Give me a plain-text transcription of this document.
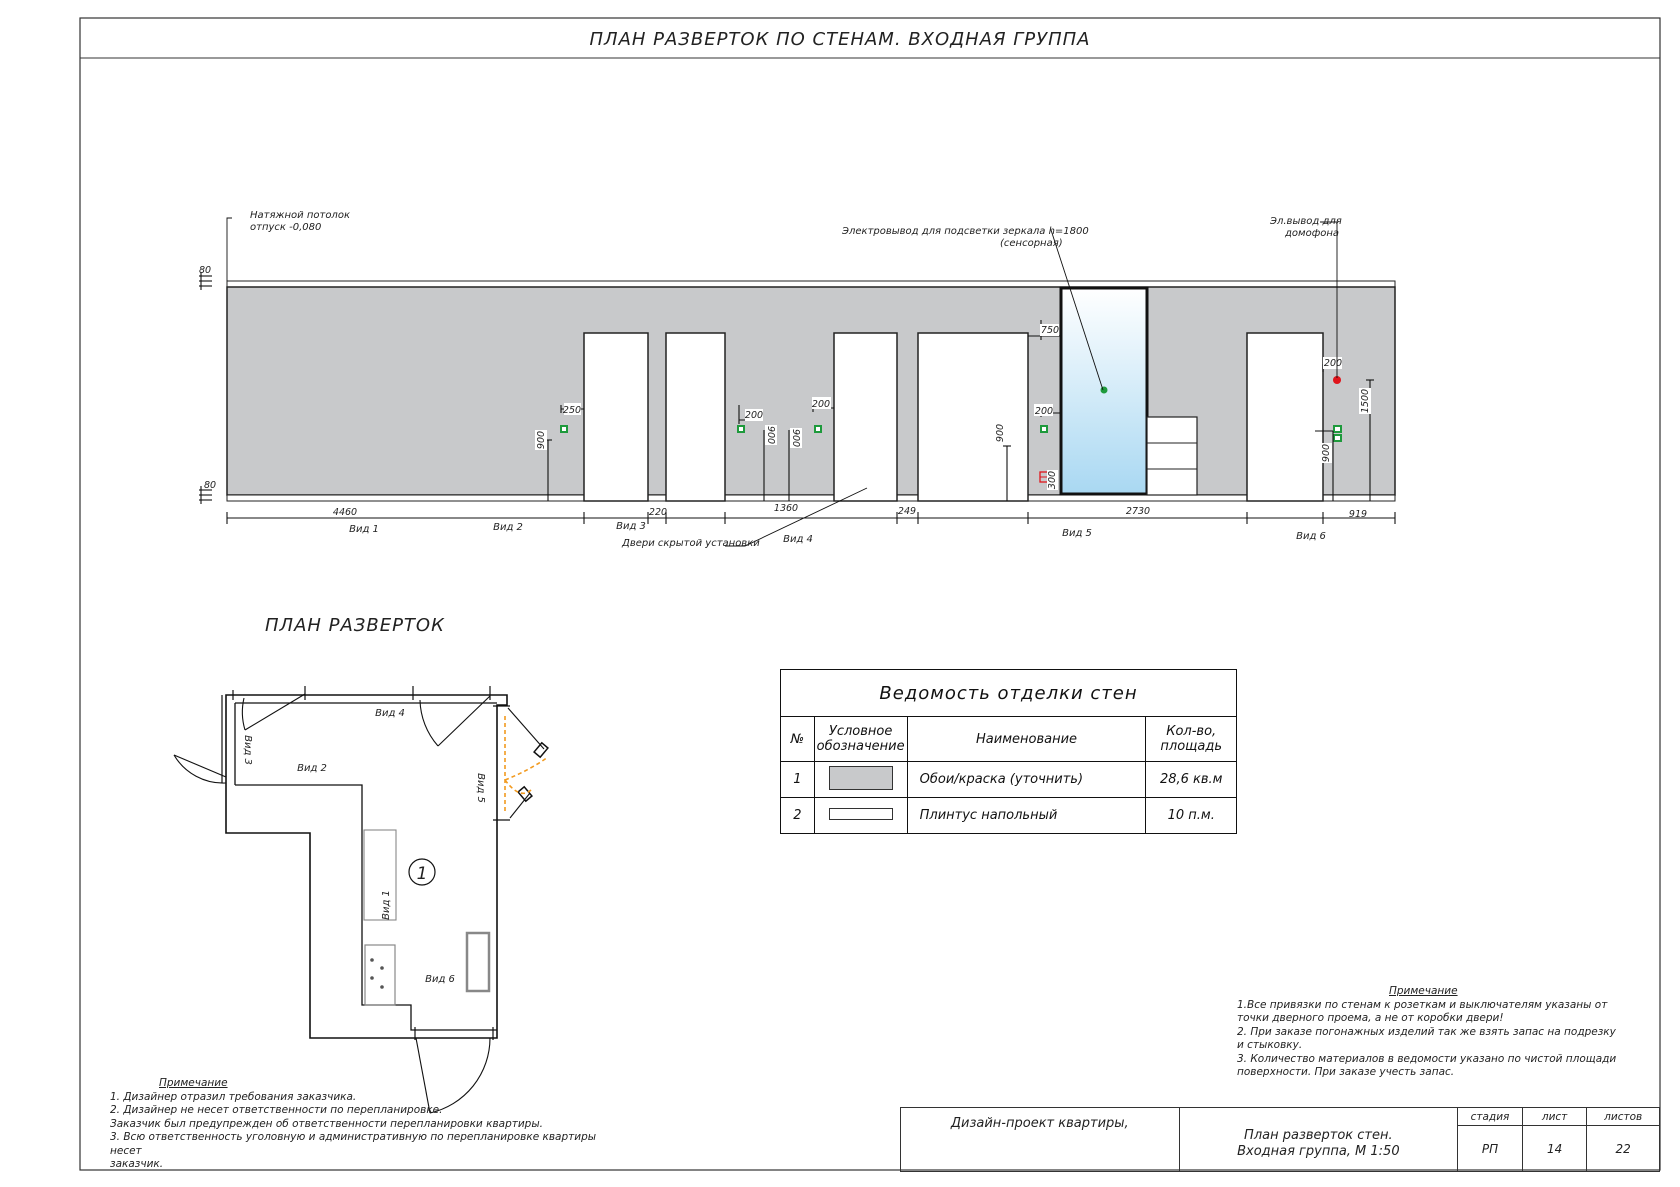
ПЛАН РАЗВЕРТОК ПО СТЕНАМ. ВХОДНАЯ ГРУППА
250
900
200
900
200
900	900
750
200
300
200
1500
900
80
80
Натяжной потолок
отпуск -0,080	Электровывод для подсветки зеркала h=1800
(сенсорная)
Эл.вывод для
домофона
Двери скрытой установки
4460	220	1360	249	2730	919
Вид 1	Вид 2	Вид 3
Вид 4
Вид 5	Вид 6
ПЛАН РАЗВЕРТОК
1
Вид 1
Вид 2
Вид 3
Вид 4
Вид 5
Вид 6
Ведомость отделки стен			
№	Условное
обозначение	Наименование	Кол-во,
площадь
1		Обои/краска (уточнить)	28,6 кв.м
2		Плинтус напольный	10 п.м.
Примечание
1.Все привязки по стенам к розеткам и выключателям указаны от
точки дверного проема, а не от коробки двери!
2. При заказе погонажных изделий так же взять запас на подрезку
и стыковку.
3. Количество материалов в ведомости указано по чистой площади
поверхности. При заказе учесть запас.
Примечание
1. Дизайнер отразил требования заказчика.
2. Дизайнер не несет ответственности по перепланировке.
Заказчик был предупрежден об ответственности перепланировки квартиры.
3. Всю ответственность уголовную и административную по перепланировке квартиры несет
заказчик.
Дизайн-проект квартиры,	План разверток стен.
Входная группа, М 1:50	стадия	лист	листов
		РП	14	22
